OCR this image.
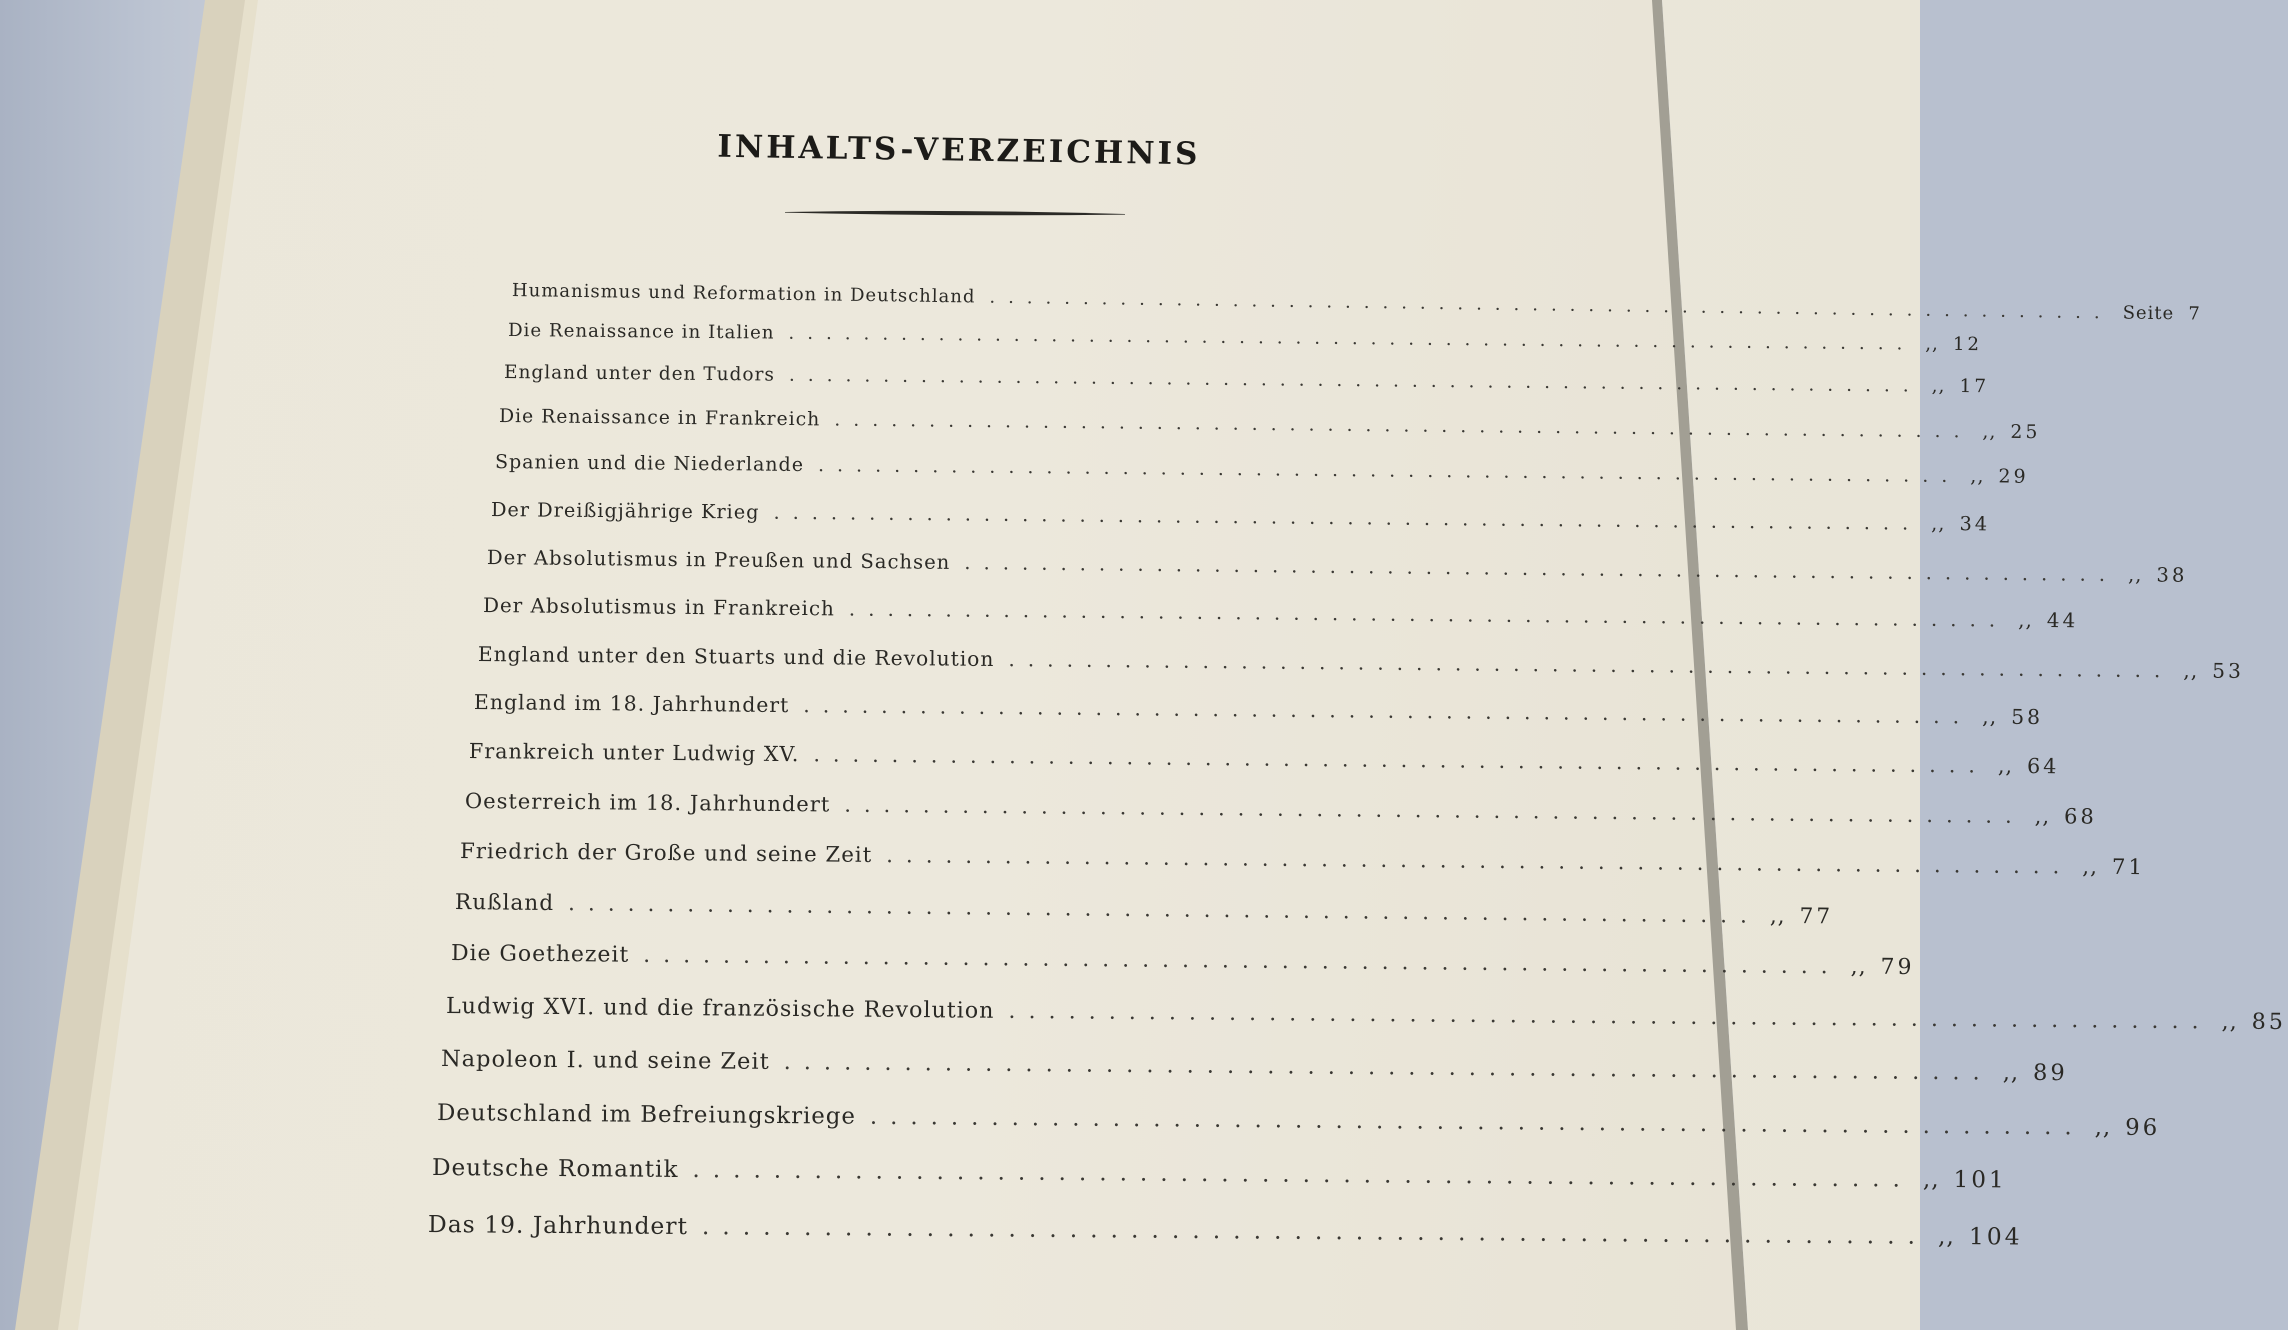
INHALTS-VERZEICHNIS
Humanismus und Reformation in Deutschland ............................................................ Seite 7
Die Renaissance in Italien ............................................................ ,, 12
England unter den Tudors ............................................................ ,, 17
Die Renaissance in Frankreich ............................................................ ,, 25
Spanien und die Niederlande ............................................................ ,, 29
Der Dreißigjährige Krieg ............................................................ ,, 34
Der Absolutismus in Preußen und Sachsen ............................................................ ,, 38
Der Absolutismus in Frankreich ............................................................ ,, 44
England unter den Stuarts und die Revolution ............................................................ ,, 53
England im 18. Jahrhundert ............................................................ ,, 58
Frankreich unter Ludwig XV. ............................................................ ,, 64
Oesterreich im 18. Jahrhundert ............................................................ ,, 68
Friedrich der Große und seine Zeit ............................................................ ,, 71
Rußland ............................................................ ,, 77
Die Goethezeit ............................................................ ,, 79
Ludwig XVI. und die französische Revolution ............................................................ ,, 85
Napoleon I. und seine Zeit ............................................................ ,, 89
Deutschland im Befreiungskriege ............................................................ ,, 96
Deutsche Romantik ............................................................ ,, 101
Das 19. Jahrhundert ............................................................ ,, 104
